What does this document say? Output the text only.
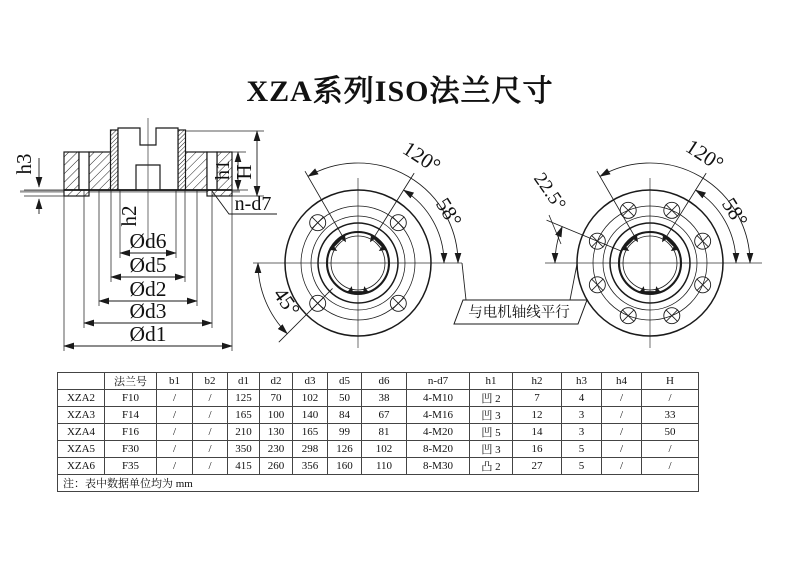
XZA系列ISO法兰尺寸
Ød6
Ød5
Ød2
Ød3
Ød1
h2
h3	h1
H
n-d7
120°
58°
45°
120°
58°
22.5°
与电机轴线平行
	法兰号	b1	b2	d1	d2	d3	d5	d6	n-d7	h1	h2	h3	h4	H
XZA2	F10	/	/	125	70	102	50	38	4-M10	凹 2	7	4	/	/
XZA3	F14	/	/	165	100	140	84	67	4-M16	凹 3	12	3	/	33
XZA4	F16	/	/	210	130	165	99	81	4-M20	凹 5	14	3	/	50
XZA5	F30	/	/	350	230	298	126	102	8-M20	凹 3	16	5	/	/
XZA6	F35	/	/	415	260	356	160	110	8-M30	凸 2	27	5	/	/
注：表中数据单位均为 mm														
